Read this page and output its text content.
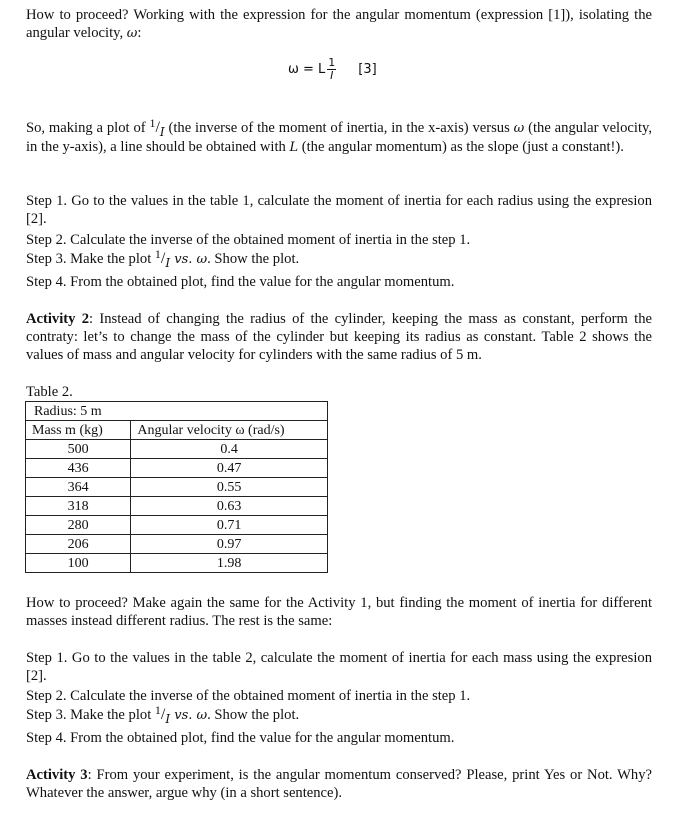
How to proceed? Working with the expression for the angular momentum (expression [1]), isolating the angular velocity, ω:
ω = L $\frac{1}{I} [3]$
So, making a plot of 1/I (the inverse of the moment of inertia, in the x-axis) versus ω (the angular velocity, in the y-axis), a line should be obtained with L (the angular momentum) as the slope (just a constant!).
Step 1. Go to the values in the table 1, calculate the moment of inertia for each radius using the expresion [2].
Step 2. Calculate the inverse of the obtained moment of inertia in the step 1.
Step 3. Make the plot 1/I vs. ω. Show the plot.
Step 4. From the obtained plot, find the value for the angular momentum.
Activity 2: Instead of changing the radius of the cylinder, keeping the mass as constant, perform the contraty: let’s to change the mass of the cylinder but keeping its radius as constant. Table 2 shows the values of mass and angular velocity for cylinders with the same radius of 5 m.
Table 2.
Radius: 5 m	
Mass m (kg)	Angular velocity ω (rad/s)
500	0.4
436	0.47
364	0.55
318	0.63
280	0.71
206	0.97
100	1.98
How to proceed? Make again the same for the Activity 1, but finding the moment of inertia for different masses instead different radius. The rest is the same:
Step 1. Go to the values in the table 2, calculate the moment of inertia for each mass using the expresion [2].
Step 2. Calculate the inverse of the obtained moment of inertia in the step 1.
Step 3. Make the plot 1/I vs. ω. Show the plot.
Step 4. From the obtained plot, find the value for the angular momentum.
Activity 3: From your experiment, is the angular momentum conserved? Please, print Yes or Not. Why? Whatever the answer, argue why (in a short sentence).
